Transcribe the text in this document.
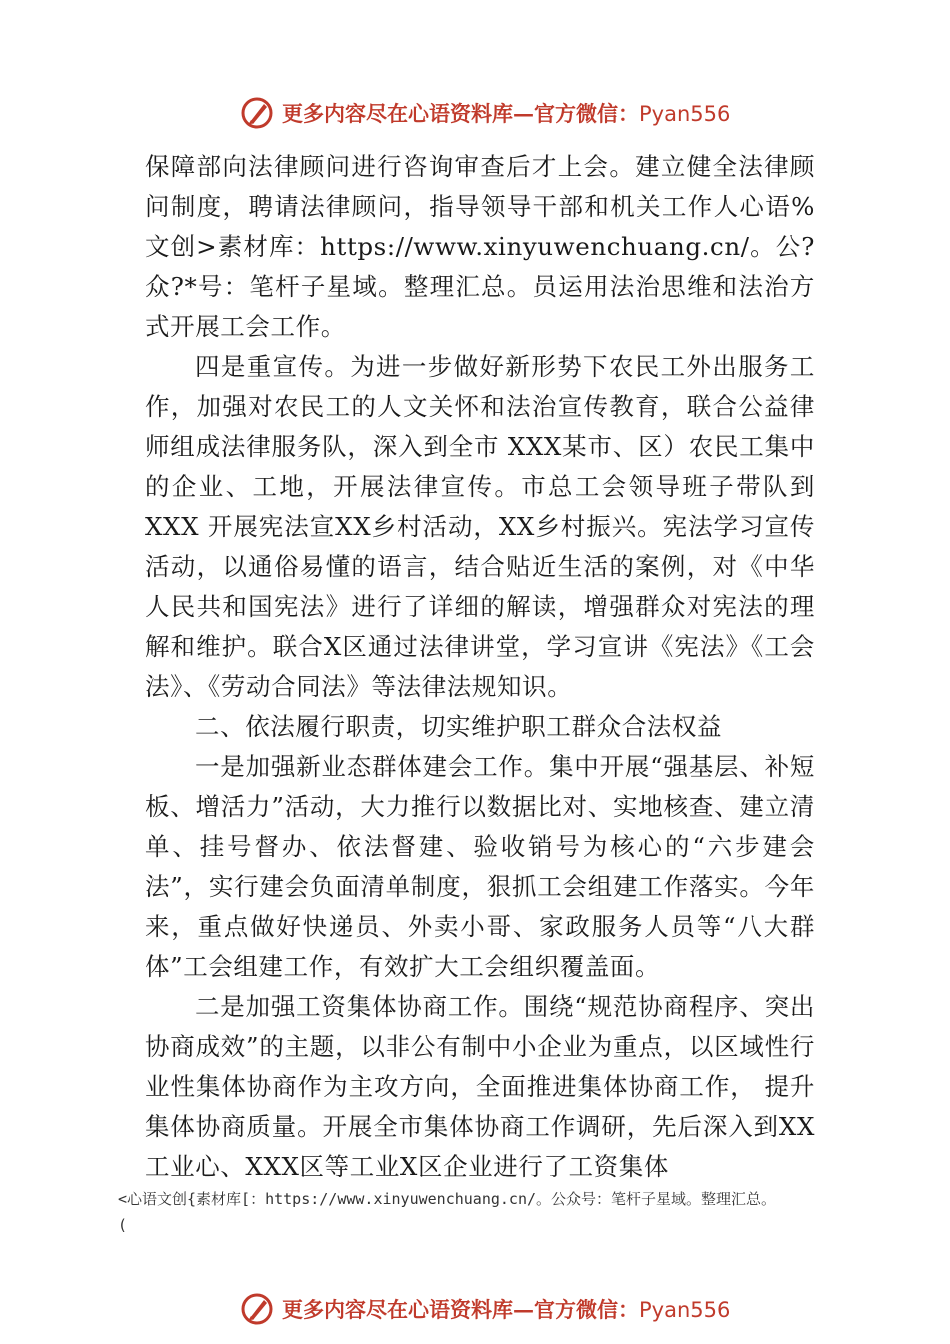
更多内容尽在心语资料库—官方微信：Pyan556

保障部向法律顾问进行咨询审查后才上会。建立健全法律顾问制度，聘请法律顾问，指导领导干部和机关工作人心语%文创>素材库：https://www.xinyuwenchuang.cn/。公?众?*号：笔杆子星域。整理汇总。员运用法治思维和法治方式开展工会工作。

四是重宣传。为进一步做好新形势下农民工外出服务工作，加强对农民工的人文关怀和法治宣传教育，联合公益律师组成法律服务队，深入到全市 XXX某市、区）农民工集中的企业、工地，开展法律宣传。市总工会领导班子带队到XXX 开展宪法宣XX乡村活动，XX乡村振兴。宪法学习宣传活动，以通俗易懂的语言，结合贴近生活的案例，对《中华人民共和国宪法》进行了详细的解读，增强群众对宪法的理解和维护。联合X区通过法律讲堂，学习宣讲《宪法》《工会法》、《劳动合同法》等法律法规知识。

二、依法履行职责，切实维护职工群众合法权益

一是加强新业态群体建会工作。集中开展“强基层、补短板、增活力”活动，大力推行以数据比对、实地核查、建立清单、挂号督办、依法督建、验收销号为核心的“六步建会法”，实行建会负面清单制度，狠抓工会组建工作落实。今年来，重点做好快递员、外卖小哥、家政服务人员等“八大群体”工会组建工作，有效扩大工会组织覆盖面。

二是加强工资集体协商工作。围绕“规范协商程序、突出协商成效”的主题，以非公有制中小企业为重点，以区域性行业性集体协商作为主攻方向，全面推进集体协商工作， 提升集体协商质量。开展全市集体协商工作调研，先后深入到XX工业心、XXX区等工业X区企业进行了工资集体

<心语文创{素材库[：https://www.xinyuwenchuang.cn/。公众号：笔杆子星域。整理汇总。
(
更多内容尽在心语资料库—官方微信：Pyan556
